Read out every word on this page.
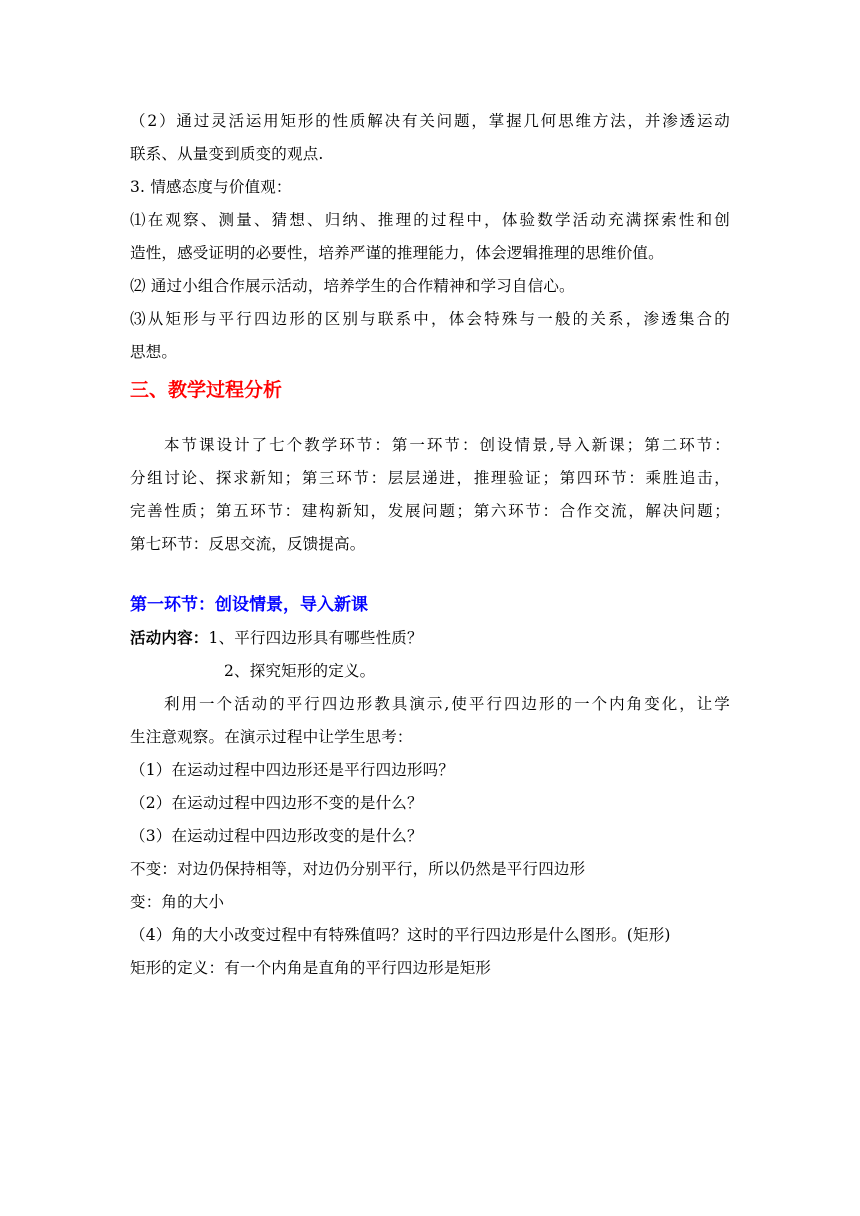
（2）通过灵活运用矩形的性质解决有关问题，掌握几何思维方法，并渗透运动
联系、从量变到质变的观点.
3. 情感态度与价值观：
⑴在观察、测量、猜想、归纳、推理的过程中，体验数学活动充满探索性和创
造性，感受证明的必要性，培养严谨的推理能力，体会逻辑推理的思维价值。
⑵ 通过小组合作展示活动，培养学生的合作精神和学习自信心。
⑶从矩形与平行四边形的区别与联系中，体会特殊与一般的关系，渗透集合的
思想。
三、教学过程分析
本节课设计了七个教学环节：第一环节：创设情景,导入新课；第二环节：
分组讨论、探求新知；第三环节：层层递进，推理验证；第四环节：乘胜追击，
完善性质；第五环节：建构新知，发展问题；第六环节：合作交流，解决问题；
第七环节：反思交流，反馈提高。
第一环节：创设情景，导入新课
活动内容：1、平行四边形具有哪些性质？
2、探究矩形的定义。
利用一个活动的平行四边形教具演示,使平行四边形的一个内角变化，让学
生注意观察。在演示过程中让学生思考：
（1）在运动过程中四边形还是平行四边形吗？
（2）在运动过程中四边形不变的是什么？
（3）在运动过程中四边形改变的是什么？
不变：对边仍保持相等，对边仍分别平行，所以仍然是平行四边形
变：角的大小
（4）角的大小改变过程中有特殊值吗？这时的平行四边形是什么图形。(矩形)
矩形的定义：有一个内角是直角的平行四边形是矩形
